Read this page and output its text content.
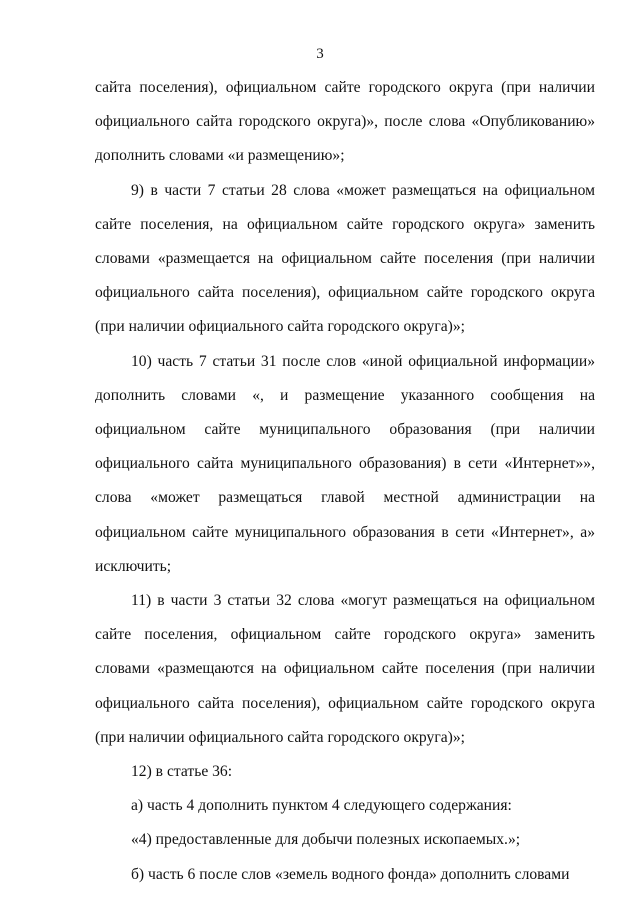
3

сайта поселения), официальном сайте городского округа (при наличии официального сайта городского округа)», после слова «Опубликованию» дополнить словами «и размещению»;

9) в части 7 статьи 28 слова «может размещаться на официальном сайте поселения, на официальном сайте городского округа» заменить словами «размещается на официальном сайте поселения (при наличии официального сайта поселения), официальном сайте городского округа (при наличии официального сайта городского округа)»;

10) часть 7 статьи 31 после слов «иной официальной информации» дополнить словами «, и размещение указанного сообщения на официальном сайте муниципального образования (при наличии официального сайта муниципального образования) в сети «Интернет»», слова «может размещаться главой местной администрации на официальном сайте муниципального образования в сети «Интернет», а» исключить;

11) в части 3 статьи 32 слова «могут размещаться на официальном сайте поселения, официальном сайте городского округа» заменить словами «размещаются на официальном сайте поселения (при наличии официального сайта поселения), официальном сайте городского округа (при наличии официального сайта городского округа)»;

12) в статье 36:

а) часть 4 дополнить пунктом 4 следующего содержания:

«4) предоставленные для добычи полезных ископаемых.»;

б) часть 6 после слов «земель водного фонда» дополнить словами
